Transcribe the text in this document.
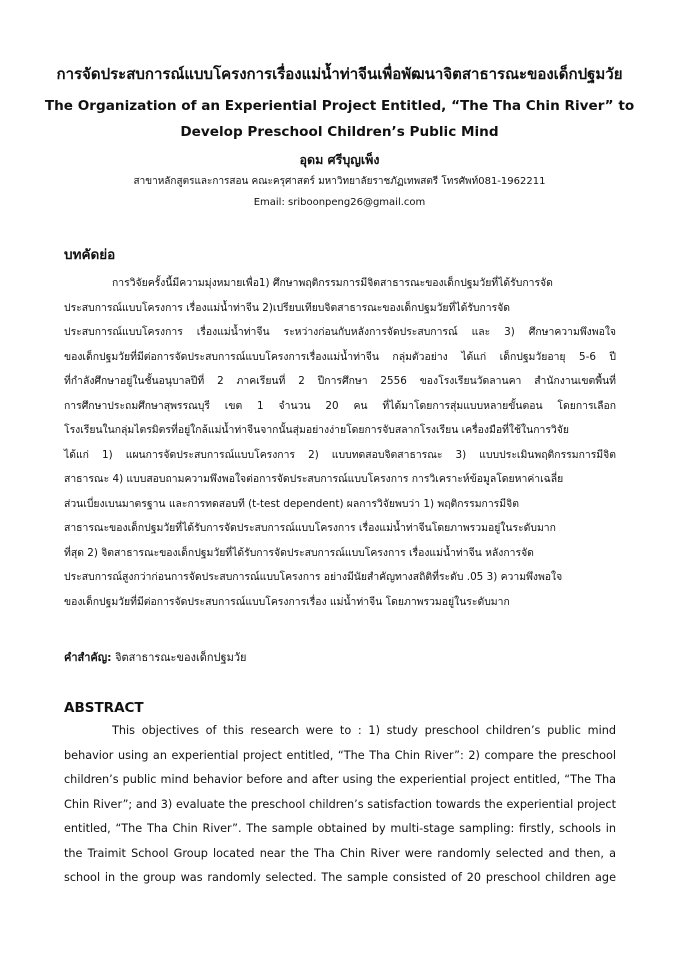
การจัดประสบการณ์แบบโครงการเรื่องแม่น้ำท่าจีนเพื่อพัฒนาจิตสาธารณะของเด็กปฐมวัย
The Organization of an Experiential Project Entitled, “The Tha Chin River” to
Develop Preschool Children’s Public Mind
อุดม ศรีบุญเพ็ง
สาขาหลักสูตรและการสอน คณะครุศาสตร์ มหาวิทยาลัยราชภัฏเทพสตรี โทรศัพท์081-1962211
Email: sriboonpeng26@gmail.com
บทคัดย่อ
การวิจัยครั้งนี้มีความมุ่งหมายเพื่อ1) ศึกษาพฤติกรรมการมีจิตสาธารณะของเด็กปฐมวัยที่ได้รับการจัด
ประสบการณ์แบบโครงการ เรื่องแม่น้ำท่าจีน 2)เปรียบเทียบจิตสาธารณะของเด็กปฐมวัยที่ได้รับการจัด
ประสบการณ์แบบโครงการ เรื่องแม่น้ำท่าจีน ระหว่างก่อนกับหลังการจัดประสบการณ์ และ 3) ศึกษาความพึงพอใจ
ของเด็กปฐมวัยที่มีต่อการจัดประสบการณ์แบบโครงการเรื่องแม่น้ำท่าจีน กลุ่มตัวอย่าง ได้แก่ เด็กปฐมวัยอายุ 5-6 ปี
ที่กำลังศึกษาอยู่ในชั้นอนุบาลปีที่ 2 ภาคเรียนที่ 2 ปีการศึกษา 2556 ของโรงเรียนวัดลานคา สำนักงานเขตพื้นที่
การศึกษาประถมศึกษาสุพรรณบุรี เขต 1 จำนวน 20 คน ที่ได้มาโดยการสุ่มแบบหลายขั้นตอน โดยการเลือก
โรงเรียนในกลุ่มไตรมิตรที่อยู่ใกล้แม่น้ำท่าจีนจากนั้นสุ่มอย่างง่ายโดยการจับสลากโรงเรียน เครื่องมือที่ใช้ในการวิจัย
ได้แก่ 1) แผนการจัดประสบการณ์แบบโครงการ 2) แบบทดสอบจิตสาธารณะ 3) แบบประเมินพฤติกรรมการมีจิต
สาธารณะ 4) แบบสอบถามความพึงพอใจต่อการจัดประสบการณ์แบบโครงการ การวิเคราะห์ข้อมูลโดยหาค่าเฉลี่ย
ส่วนเบี่ยงเบนมาตรฐาน และการทดสอบที (t-test dependent) ผลการวิจัยพบว่า 1) พฤติกรรมการมีจิต
สาธารณะของเด็กปฐมวัยที่ได้รับการจัดประสบการณ์แบบโครงการ เรื่องแม่น้ำท่าจีนโดยภาพรวมอยู่ในระดับมาก
ที่สุด 2) จิตสาธารณะของเด็กปฐมวัยที่ได้รับการจัดประสบการณ์แบบโครงการ เรื่องแม่น้ำท่าจีน หลังการจัด
ประสบการณ์สูงกว่าก่อนการจัดประสบการณ์แบบโครงการ อย่างมีนัยสำคัญทางสถิติที่ระดับ .05 3) ความพึงพอใจ
ของเด็กปฐมวัยที่มีต่อการจัดประสบการณ์แบบโครงการเรื่อง แม่น้ำท่าจีน โดยภาพรวมอยู่ในระดับมาก
คำสำคัญ: จิตสาธารณะของเด็กปฐมวัย
ABSTRACT
This objectives of this research were to : 1) study preschool children’s public mind
behavior using an experiential project entitled, “The Tha Chin River”: 2) compare the preschool
children’s public mind behavior before and after using the experiential project entitled, “The Tha
Chin River”; and 3) evaluate the preschool children’s satisfaction towards the experiential project
entitled, “The Tha Chin River”. The sample obtained by multi-stage sampling: firstly, schools in
the Traimit School Group located near the Tha Chin River were randomly selected and then, a
school in the group was randomly selected. The sample consisted of 20 preschool children age
